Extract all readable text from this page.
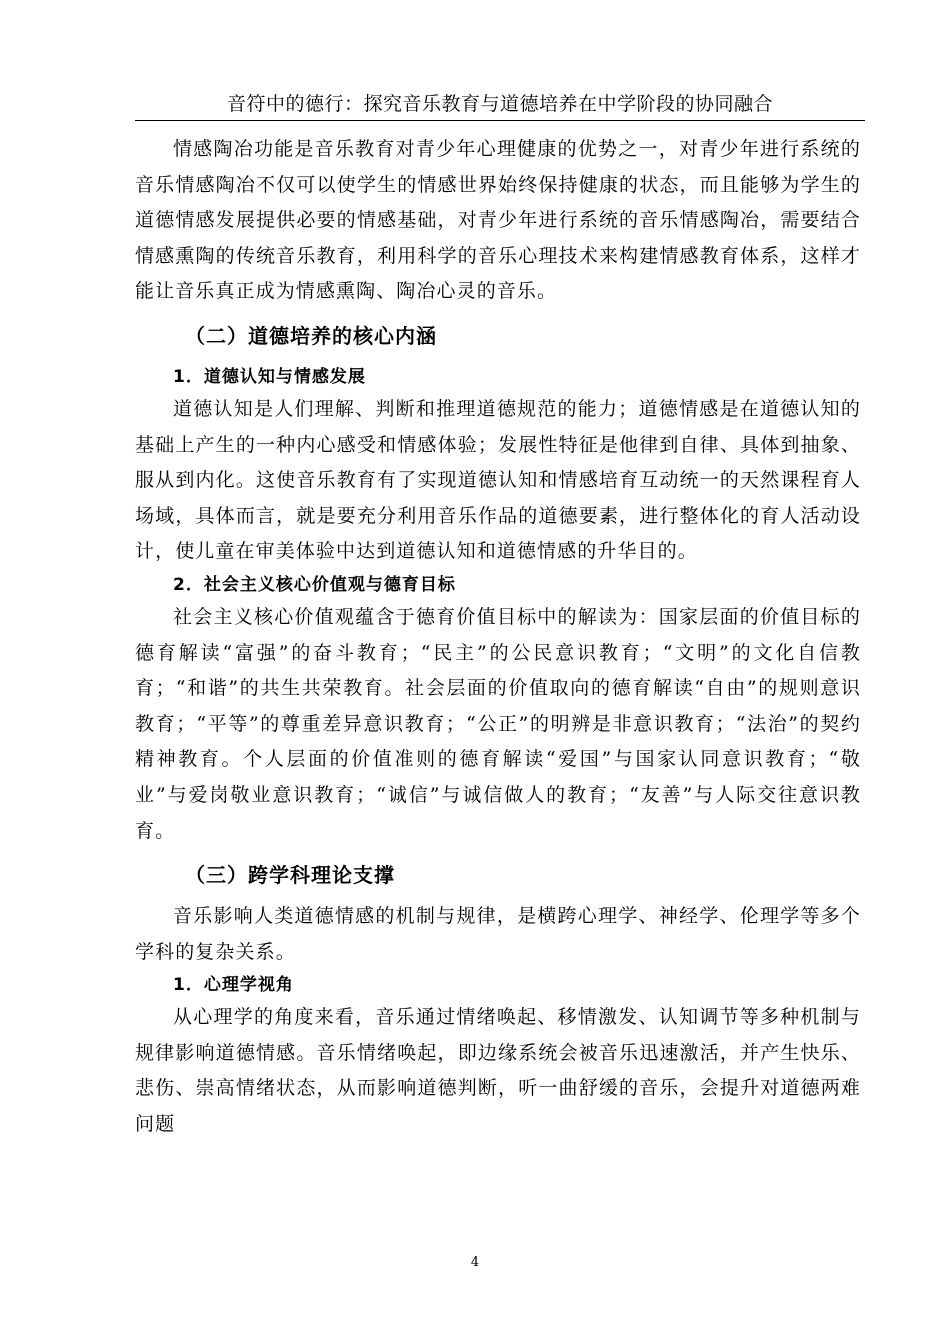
音符中的德行：探究音乐教育与道德培养在中学阶段的协同融合

情感陶冶功能是音乐教育对青少年心理健康的优势之一，对青少年进行系统的音乐情感陶冶不仅可以使学生的情感世界始终保持健康的状态，而且能够为学生的道德情感发展提供必要的情感基础，对青少年进行系统的音乐情感陶冶，需要结合情感熏陶的传统音乐教育，利用科学的音乐心理技术来构建情感教育体系，这样才能让音乐真正成为情感熏陶、陶冶心灵的音乐。

（二）道德培养的核心内涵
1．道德认知与情感发展

道德认知是人们理解、判断和推理道德规范的能力；道德情感是在道德认知的基础上产生的一种内心感受和情感体验；发展性特征是他律到自律、具体到抽象、服从到内化。这使音乐教育有了实现道德认知和情感培育互动统一的天然课程育人场域，具体而言，就是要充分利用音乐作品的道德要素，进行整体化的育人活动设计，使儿童在审美体验中达到道德认知和道德情感的升华目的。

2．社会主义核心价值观与德育目标

社会主义核心价值观蕴含于德育价值目标中的解读为：国家层面的价值目标的德育解读“富强”的奋斗教育；“民主”的公民意识教育；“文明”的文化自信教育；“和谐”的共生共荣教育。社会层面的价值取向的德育解读“自由”的规则意识教育；“平等”的尊重差异意识教育；“公正”的明辨是非意识教育；“法治”的契约精神教育。个人层面的价值准则的德育解读“爱国”与国家认同意识教育；“敬业”与爱岗敬业意识教育；“诚信”与诚信做人的教育；“友善”与人际交往意识教育。

（三）跨学科理论支撑

音乐影响人类道德情感的机制与规律，是横跨心理学、神经学、伦理学等多个学科的复杂关系。

1．心理学视角

从心理学的角度来看，音乐通过情绪唤起、移情激发、认知调节等多种机制与规律影响道德情感。音乐情绪唤起，即边缘系统会被音乐迅速激活，并产生快乐、悲伤、崇高情绪状态，从而影响道德判断，听一曲舒缓的音乐，会提升对道德两难问题

4
